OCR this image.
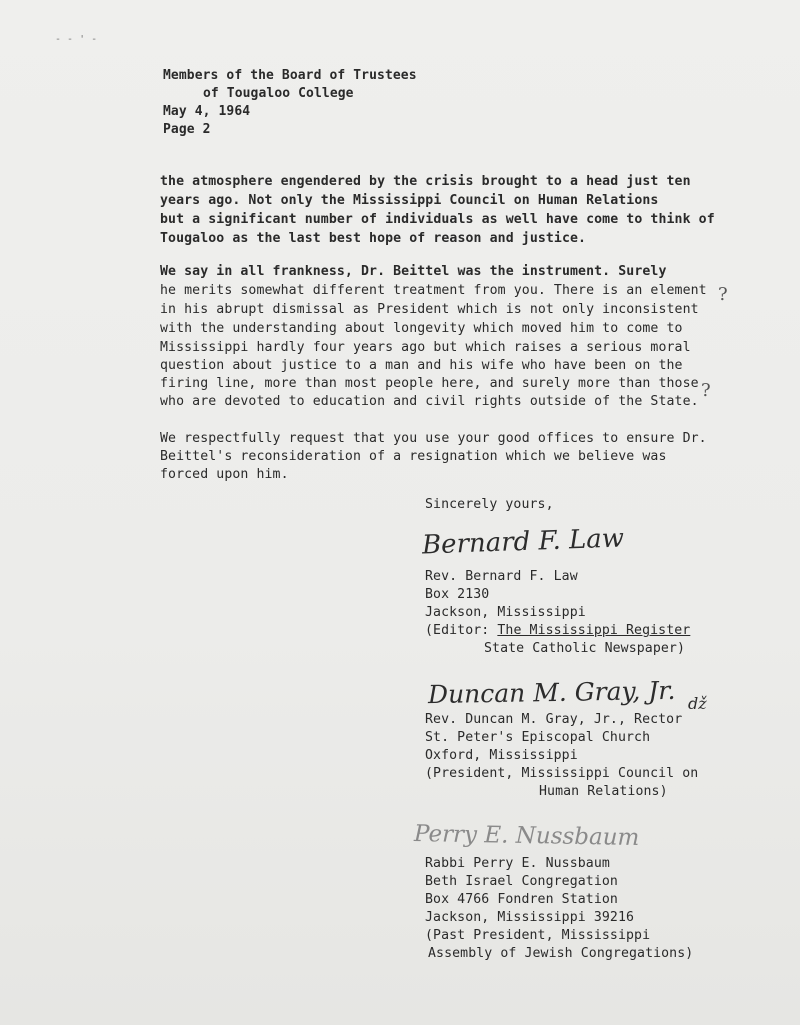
- - ' -
Members of the Board of Trustees
of Tougaloo College
May 4, 1964
Page 2
the atmosphere engendered by the crisis brought to a head just ten
years ago. Not only the Mississippi Council on Human Relations
but a significant number of individuals as well have come to think of
Tougaloo as the last best hope of reason and justice.
We say in all frankness, Dr. Beittel was the instrument. Surely
he merits somewhat different treatment from you. There is an element
in his abrupt dismissal as President which is not only inconsistent
with the understanding about longevity which moved him to come to
Mississippi hardly four years ago but which raises a serious moral
question about justice to a man and his wife who have been on the
firing line, more than most people here, and surely more than those
who are devoted to education and civil rights outside of the State.
?
?
We respectfully request that you use your good offices to ensure Dr.
Beittel's reconsideration of a resignation which we believe was
forced upon him.
Sincerely yours,
Bernard F. Law
Rev. Bernard F. Law
Box 2130
Jackson, Mississippi
(Editor: The Mississippi Register
State Catholic Newspaper)
Duncan M. Gray, Jr. ǆ
Rev. Duncan M. Gray, Jr., Rector
St. Peter's Episcopal Church
Oxford, Mississippi
(President, Mississippi Council on
Human Relations)
Perry E. Nussbaum
Rabbi Perry E. Nussbaum
Beth Israel Congregation
Box 4766 Fondren Station
Jackson, Mississippi 39216
(Past President, Mississippi
Assembly of Jewish Congregations)
